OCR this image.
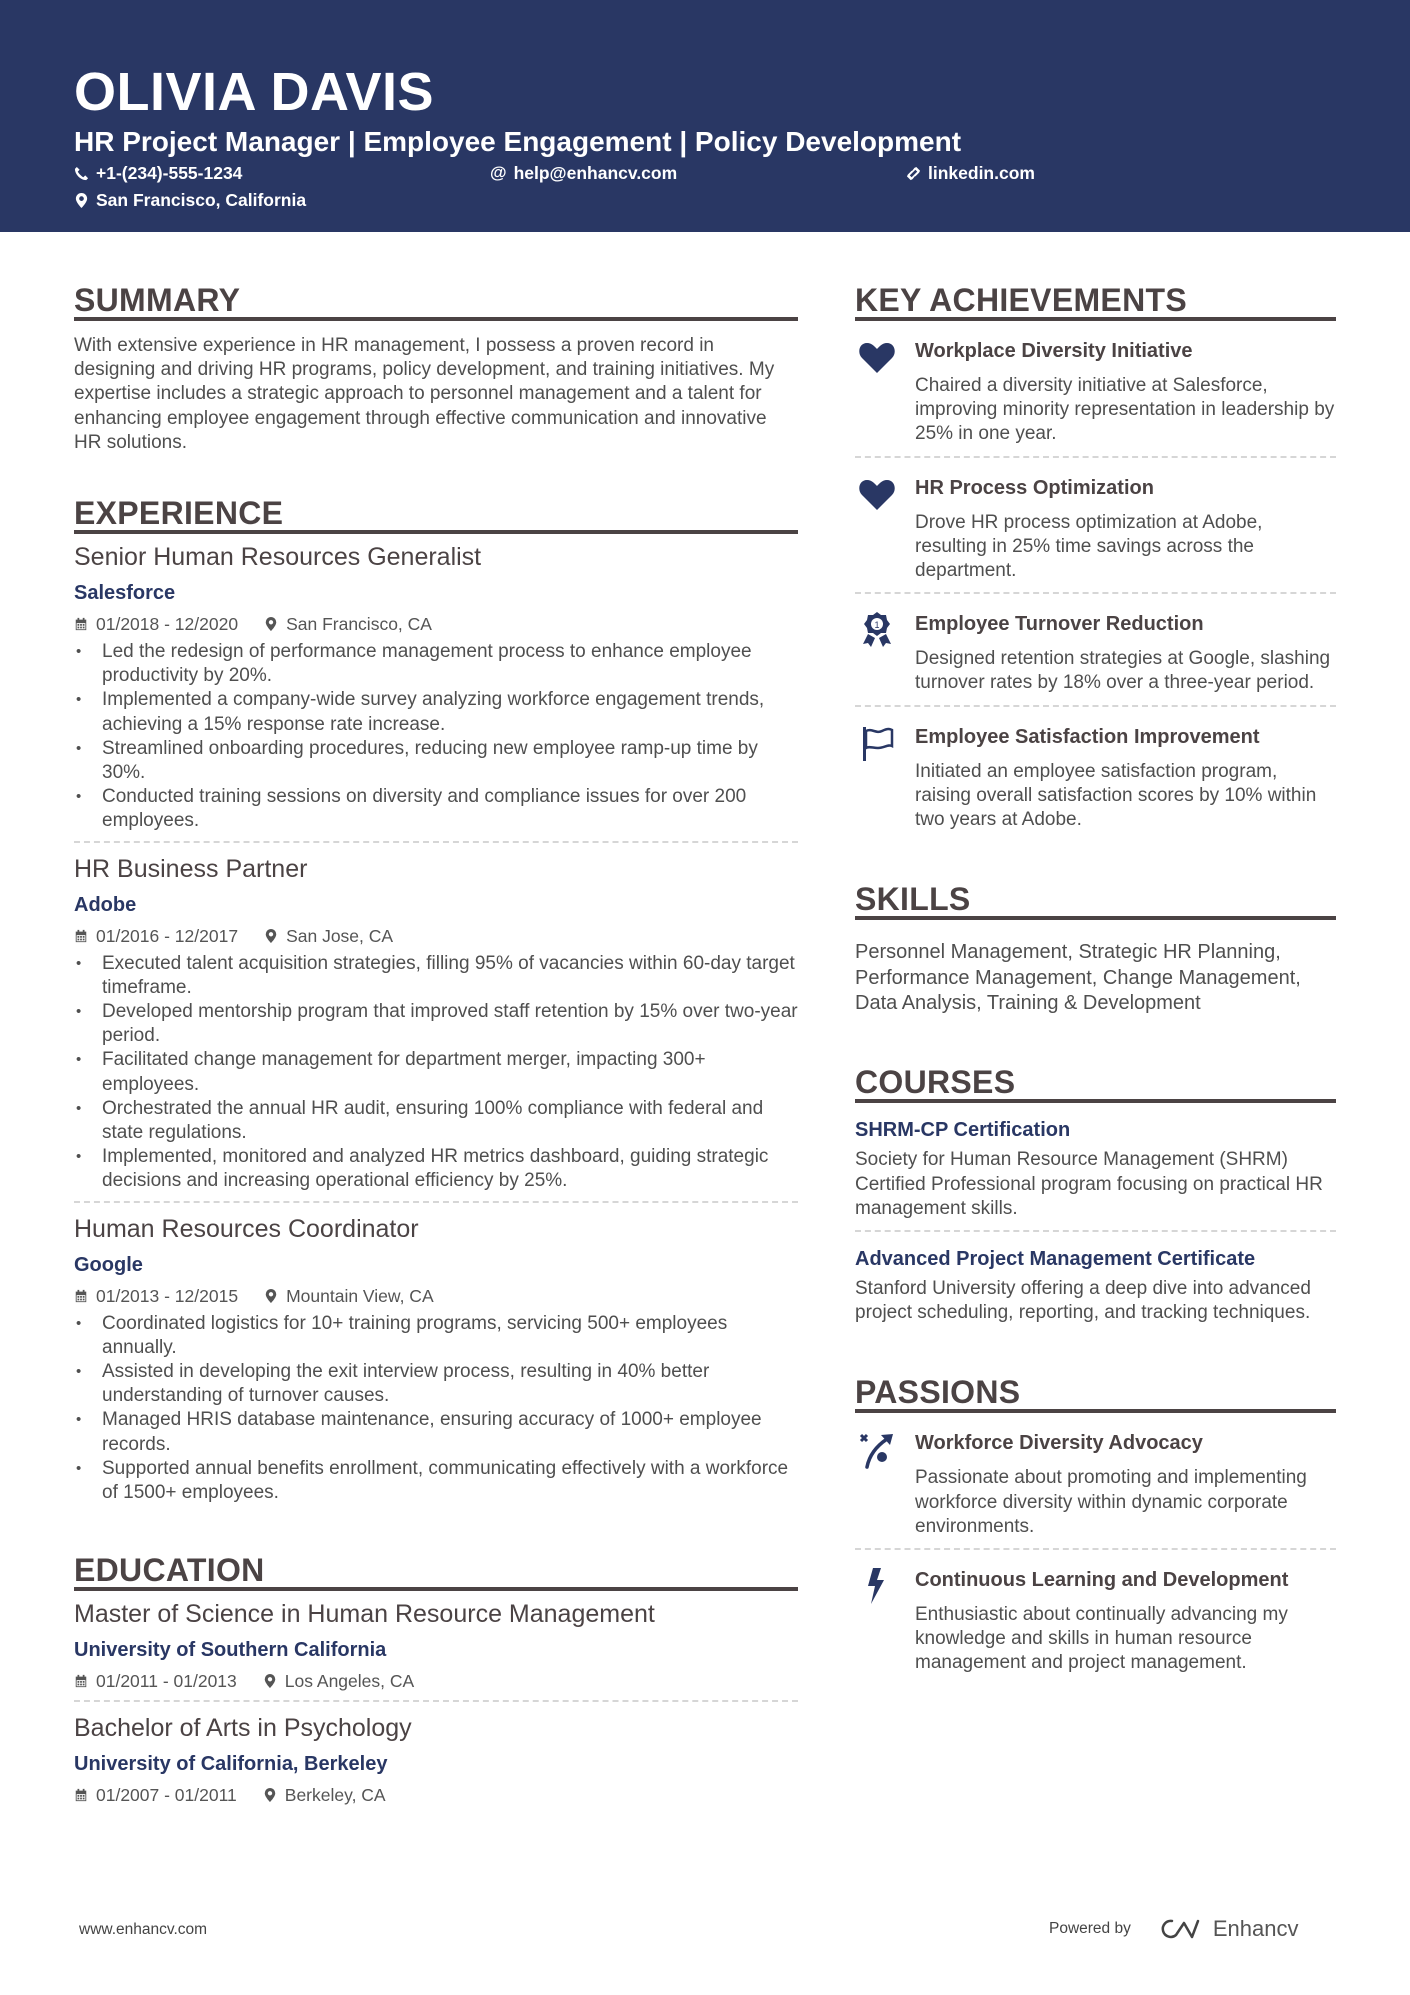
OLIVIA DAVIS
HR Project Manager | Employee Engagement | Policy Development
+1-(234)-555-1234	@ help@enhancv.com	linkedin.com
San Francisco, California
SUMMARY

With extensive experience in HR management, I possess a proven record in designing and driving HR programs, policy development, and training initiatives. My expertise includes a strategic approach to personnel management and a talent for enhancing employee engagement through effective communication and innovative HR solutions.

EXPERIENCE
Senior Human Resources Generalist
Salesforce
01/2018 - 12/2020	San Francisco, CA
• Led the redesign of performance management process to enhance employee productivity by 20%.
• Implemented a company-wide survey analyzing workforce engagement trends, achieving a 15% response rate increase.
• Streamlined onboarding procedures, reducing new employee ramp-up time by 30%.
• Conducted training sessions on diversity and compliance issues for over 200 employees.
HR Business Partner
Adobe
01/2016 - 12/2017	San Jose, CA
• Executed talent acquisition strategies, filling 95% of vacancies within 60-day target timeframe.
• Developed mentorship program that improved staff retention by 15% over two-year period.
• Facilitated change management for department merger, impacting 300+ employees.
• Orchestrated the annual HR audit, ensuring 100% compliance with federal and state regulations.
• Implemented, monitored and analyzed HR metrics dashboard, guiding strategic decisions and increasing operational efficiency by 25%.
Human Resources Coordinator
Google
01/2013 - 12/2015	Mountain View, CA
• Coordinated logistics for 10+ training programs, servicing 500+ employees annually.
• Assisted in developing the exit interview process, resulting in 40% better understanding of turnover causes.
• Managed HRIS database maintenance, ensuring accuracy of 1000+ employee records.
• Supported annual benefits enrollment, communicating effectively with a workforce of 1500+ employees.
EDUCATION
Master of Science in Human Resource Management
University of Southern California
01/2011 - 01/2013	Los Angeles, CA
Bachelor of Arts in Psychology
University of California, Berkeley
01/2007 - 01/2011	Berkeley, CA
KEY ACHIEVEMENTS
Workplace Diversity Initiative
Chaired a diversity initiative at Salesforce, improving minority representation in leadership by 25% in one year.
HR Process Optimization
Drove HR process optimization at Adobe, resulting in 25% time savings across the department.
1 Employee Turnover Reduction
Designed retention strategies at Google, slashing turnover rates by 18% over a three-year period.
Employee Satisfaction Improvement
Initiated an employee satisfaction program, raising overall satisfaction scores by 10% within two years at Adobe.
SKILLS

Personnel Management, Strategic HR Planning, Performance Management, Change Management, Data Analysis, Training & Development

COURSES
SHRM-CP Certification
Society for Human Resource Management (SHRM) Certified Professional program focusing on practical HR management skills.
Advanced Project Management Certificate
Stanford University offering a deep dive into advanced project scheduling, reporting, and tracking techniques.
PASSIONS
Workforce Diversity Advocacy
Passionate about promoting and implementing workforce diversity within dynamic corporate environments.
Continuous Learning and Development
Enthusiastic about continually advancing my knowledge and skills in human resource management and project management.
www.enhancv.com	Powered by	Enhancv
